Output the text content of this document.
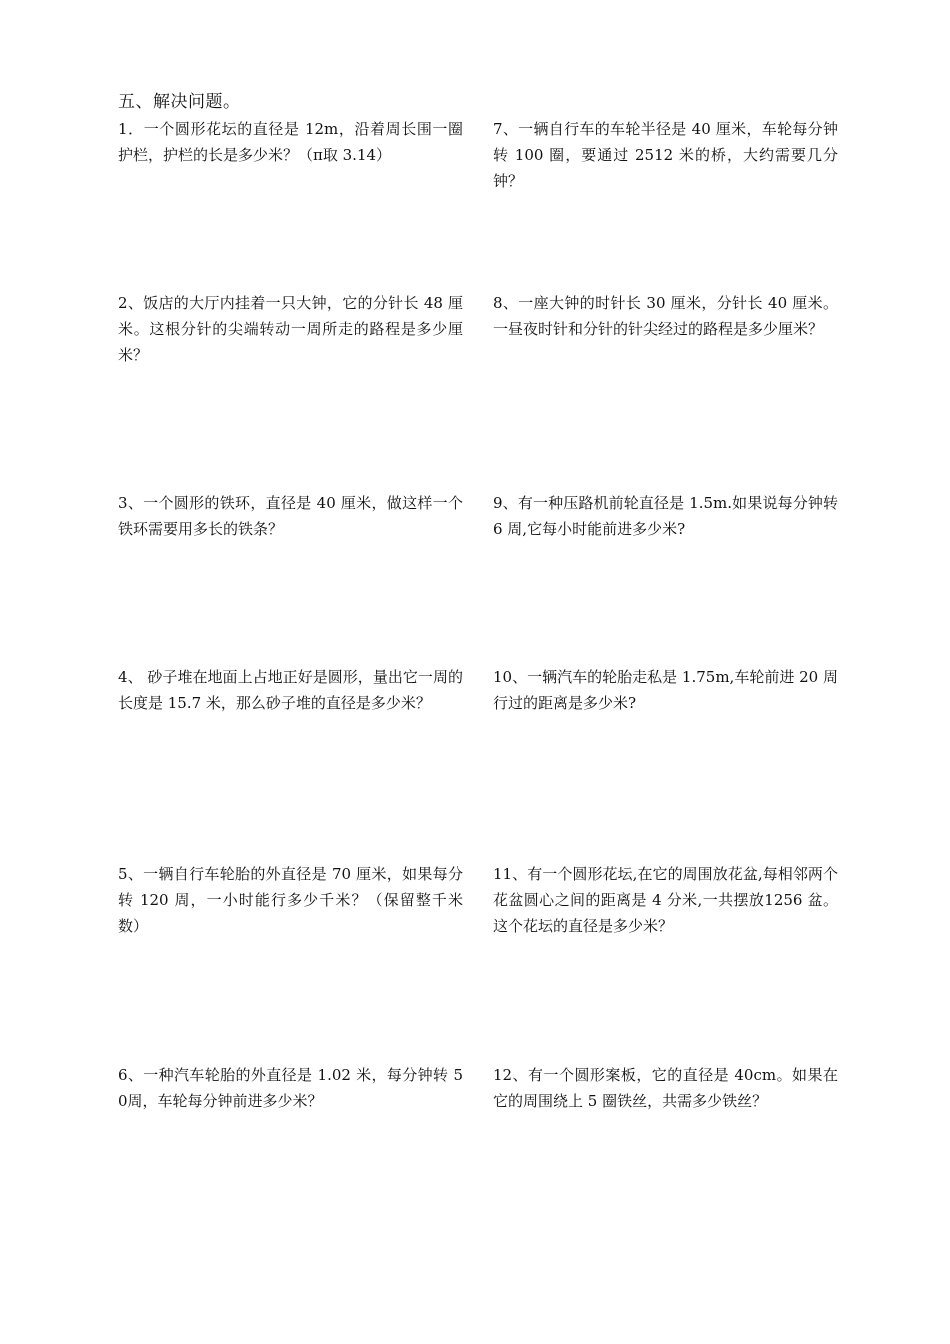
五、解决问题。
1．一个圆形花坛的直径是 12m，沿着周长围一圈护栏，护栏的长是多少米？（π取 3.14）
2、饭店的大厅内挂着一只大钟，它的分针长 48 厘米。这根分针的尖端转动一周所走的路程是多少厘米？
3、一个圆形的铁环，直径是 40 厘米，做这样一个铁环需要用多长的铁条？
4、 砂子堆在地面上占地正好是圆形，量出它一周的长度是 15.7 米，那么砂子堆的直径是多少米？
5、一辆自行车轮胎的外直径是 70 厘米，如果每分转 120 周，一小时能行多少千米？（保留整千米数）
6、一种汽车轮胎的外直径是 1.02 米，每分钟转 50周，车轮每分钟前进多少米？
7、一辆自行车的车轮半径是 40 厘米，车轮每分钟转 100 圈，要通过 2512 米的桥，大约需要几分钟？
8、一座大钟的时针长 30 厘米，分针长 40 厘米。一昼夜时针和分针的针尖经过的路程是多少厘米？
9、有一种压路机前轮直径是 1.5m.如果说每分钟转 6 周,它每小时能前进多少米?
10、一辆汽车的轮胎走私是 1.75m,车轮前进 20 周行过的距离是多少米?
11、有一个圆形花坛,在它的周围放花盆,每相邻两个花盆圆心之间的距离是 4 分米,一共摆放1256 盆。这个花坛的直径是多少米？
12、有一个圆形案板，它的直径是 40cm。如果在它的周围绕上 5 圈铁丝，共需多少铁丝？
